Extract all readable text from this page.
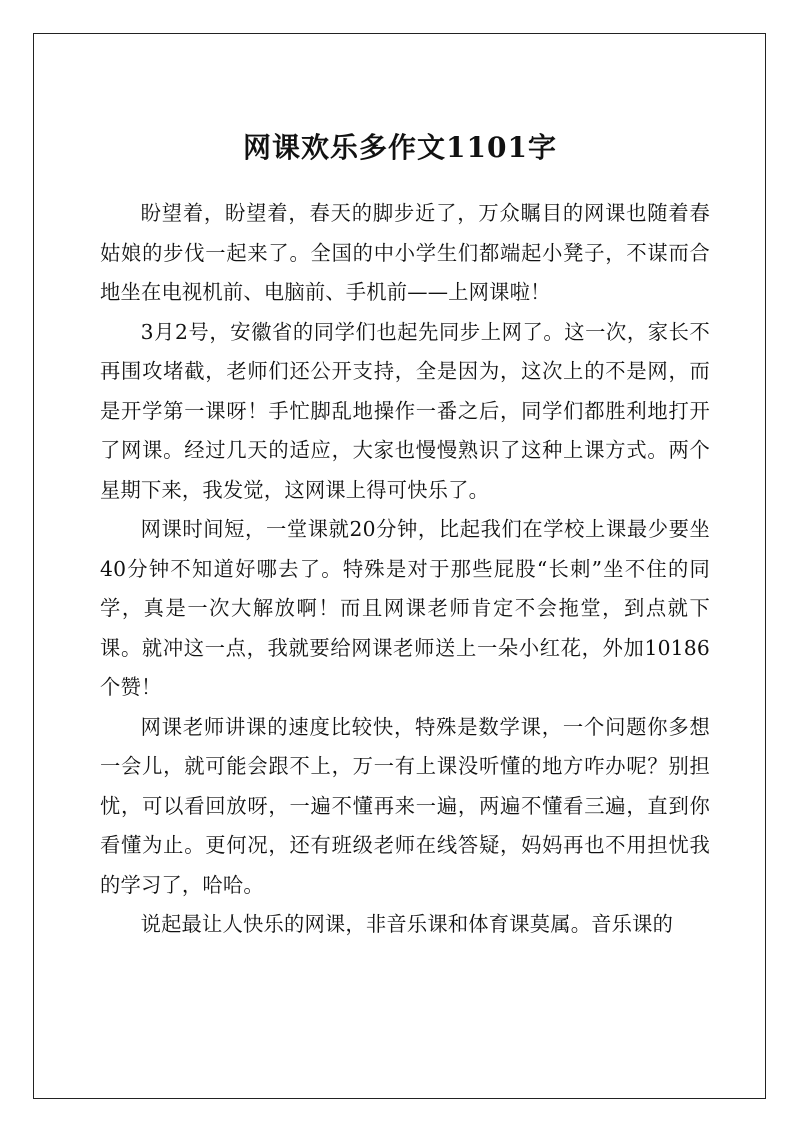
网课欢乐多作文1101字

盼望着，盼望着，春天的脚步近了，万众瞩目的网课也随着春姑娘的步伐一起来了。全国的中小学生们都端起小凳子，不谋而合地坐在电视机前、电脑前、手机前——上网课啦！

3月2号，安徽省的同学们也起先同步上网了。这一次，家长不再围攻堵截，老师们还公开支持，全是因为，这次上的不是网，而是开学第一课呀！手忙脚乱地操作一番之后，同学们都胜利地打开了网课。经过几天的适应，大家也慢慢熟识了这种上课方式。两个星期下来，我发觉，这网课上得可快乐了。

网课时间短，一堂课就20分钟，比起我们在学校上课最少要坐40分钟不知道好哪去了。特殊是对于那些屁股“长刺”坐不住的同学，真是一次大解放啊！而且网课老师肯定不会拖堂，到点就下课。就冲这一点，我就要给网课老师送上一朵小红花，外加10186个赞！

网课老师讲课的速度比较快，特殊是数学课，一个问题你多想一会儿，就可能会跟不上，万一有上课没听懂的地方咋办呢？别担忧，可以看回放呀，一遍不懂再来一遍，两遍不懂看三遍，直到你看懂为止。更何况，还有班级老师在线答疑，妈妈再也不用担忧我的学习了，哈哈。

说起最让人快乐的网课，非音乐课和体育课莫属。音乐课的
